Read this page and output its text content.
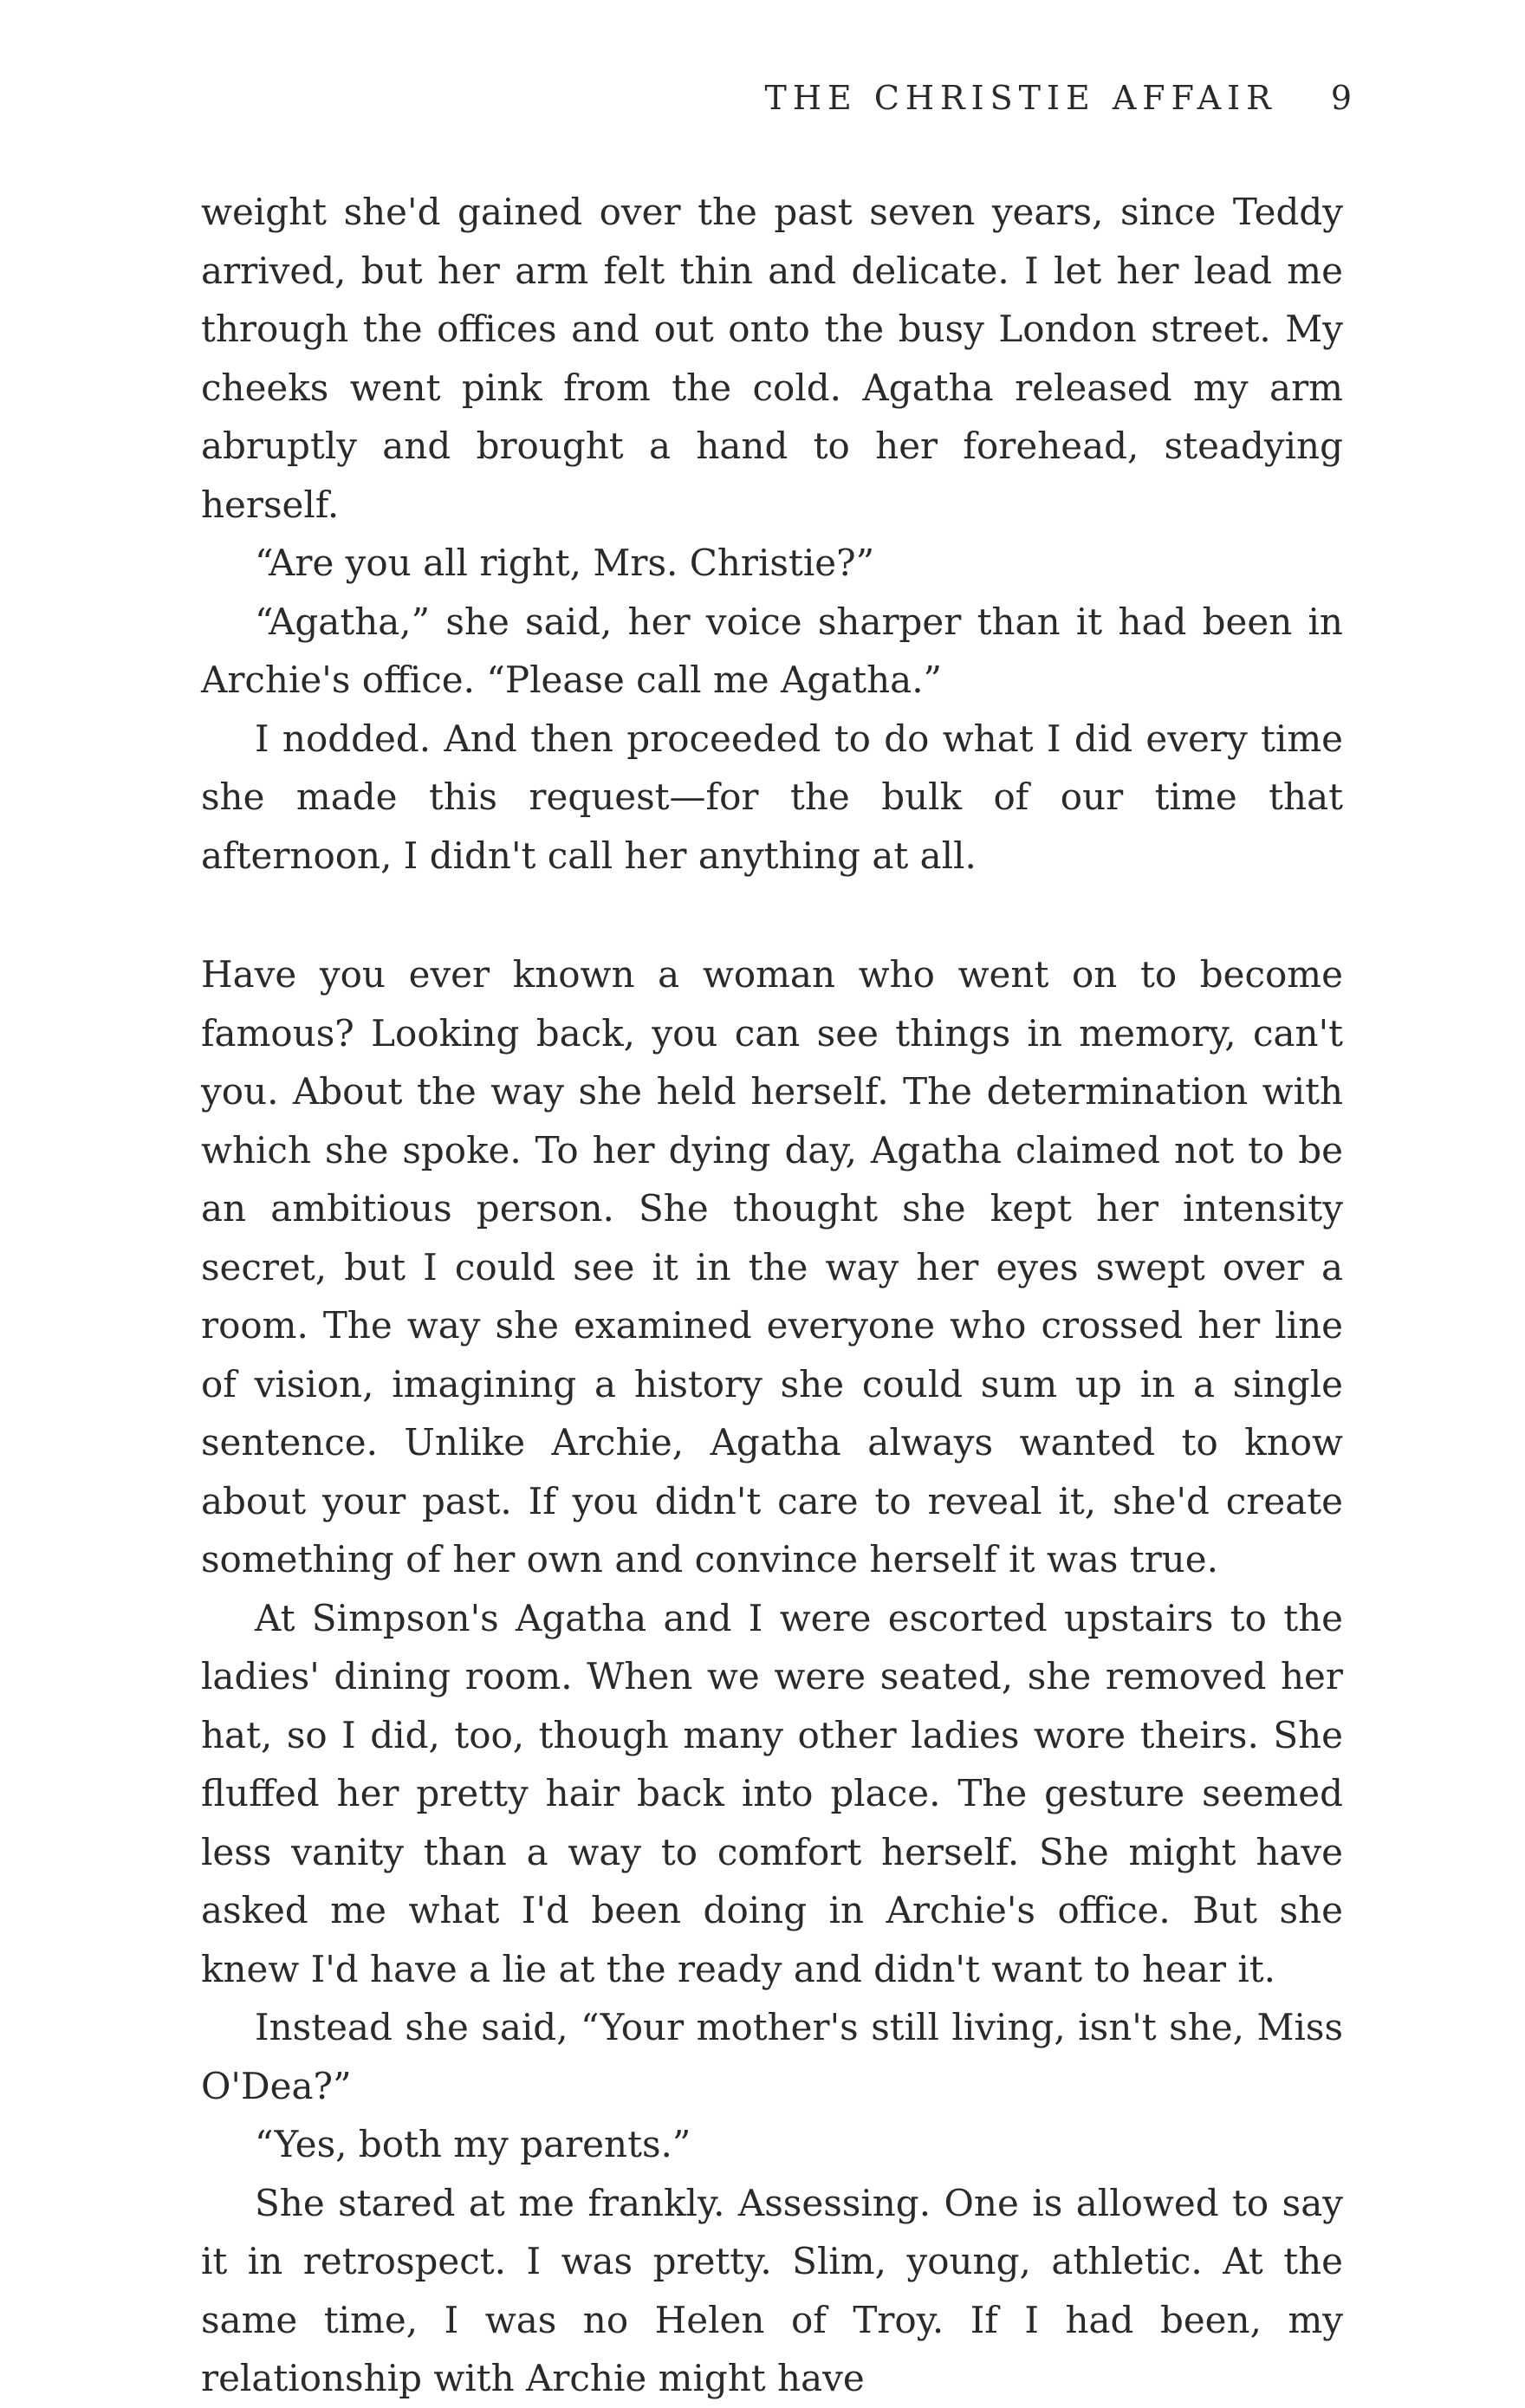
THE CHRISTIE AFFAIR 9

weight she'd gained over the past seven years, since Teddy arrived, but her arm felt thin and delicate. I let her lead me through the offices and out onto the busy London street. My cheeks went pink from the cold. Agatha released my arm abruptly and brought a hand to her forehead, steadying herself.

“Are you all right, Mrs. Christie?”

“Agatha,” she said, her voice sharper than it had been in Archie's office. “Please call me Agatha.”

I nodded. And then proceeded to do what I did every time she made this request—for the bulk of our time that afternoon, I didn't call her anything at all.

Have you ever known a woman who went on to become famous? Looking back, you can see things in memory, can't you. About the way she held herself. The determination with which she spoke. To her dying day, Agatha claimed not to be an ambitious person. She thought she kept her intensity secret, but I could see it in the way her eyes swept over a room. The way she examined everyone who crossed her line of vision, imagining a history she could sum up in a single sentence. Unlike Archie, Agatha always wanted to know about your past. If you didn't care to reveal it, she'd create something of her own and convince herself it was true.

At Simpson's Agatha and I were escorted upstairs to the ladies' dining room. When we were seated, she removed her hat, so I did, too, though many other ladies wore theirs. She fluffed her pretty hair back into place. The gesture seemed less vanity than a way to comfort herself. She might have asked me what I'd been doing in Archie's office. But she knew I'd have a lie at the ready and didn't want to hear it.

Instead she said, “Your mother's still living, isn't she, Miss O'Dea?”

“Yes, both my parents.”

She stared at me frankly. Assessing. One is allowed to say it in retrospect. I was pretty. Slim, young, athletic. At the same time, I was no Helen of Troy. If I had been, my relationship with Archie might have
